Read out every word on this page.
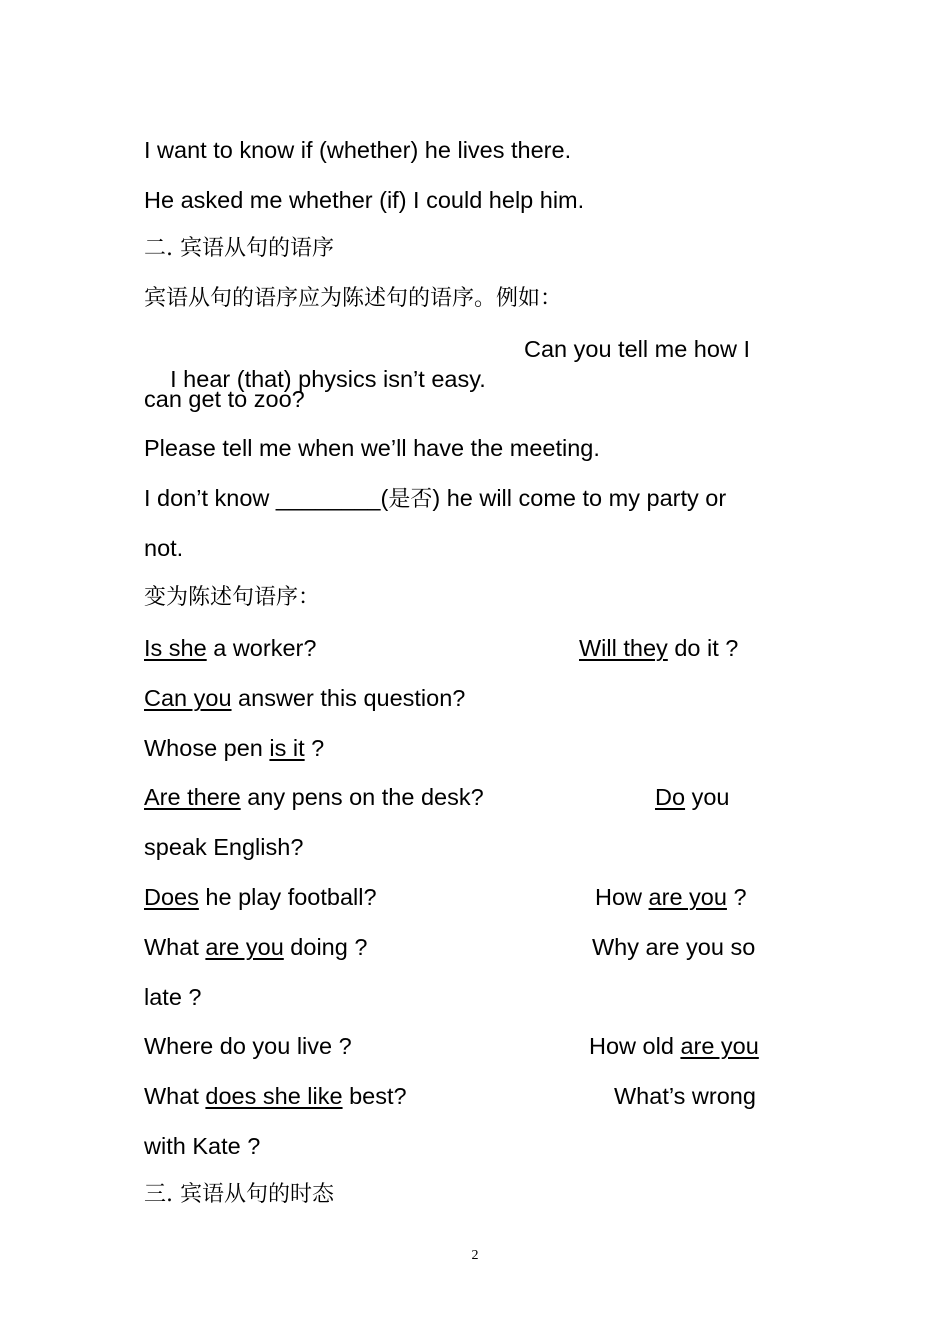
I want to know if (whether) he lives there.
He asked me whether (if) I could help him.
二. 宾语从句的语序
宾语从句的语序应为陈述句的语序。例如：

I hear (that) physics isn’t easy.

Can you tell me how I
can get to zoo?
Please tell me when we’ll have the meeting.
I don’t know ________(是否) he will come to my party or
not.
变为陈述句语序：
Is she a worker?	Will they do it ?
Can you answer this question?
Whose pen is it ?
Are there any pens on the desk?	Do you
speak English?
Does he play football?	How are you ?
What are you doing ?	Why are you so
late ?
Where do you live ?	How old are you
What does she like best?	What’s wrong
with Kate ?
三. 宾语从句的时态
2
